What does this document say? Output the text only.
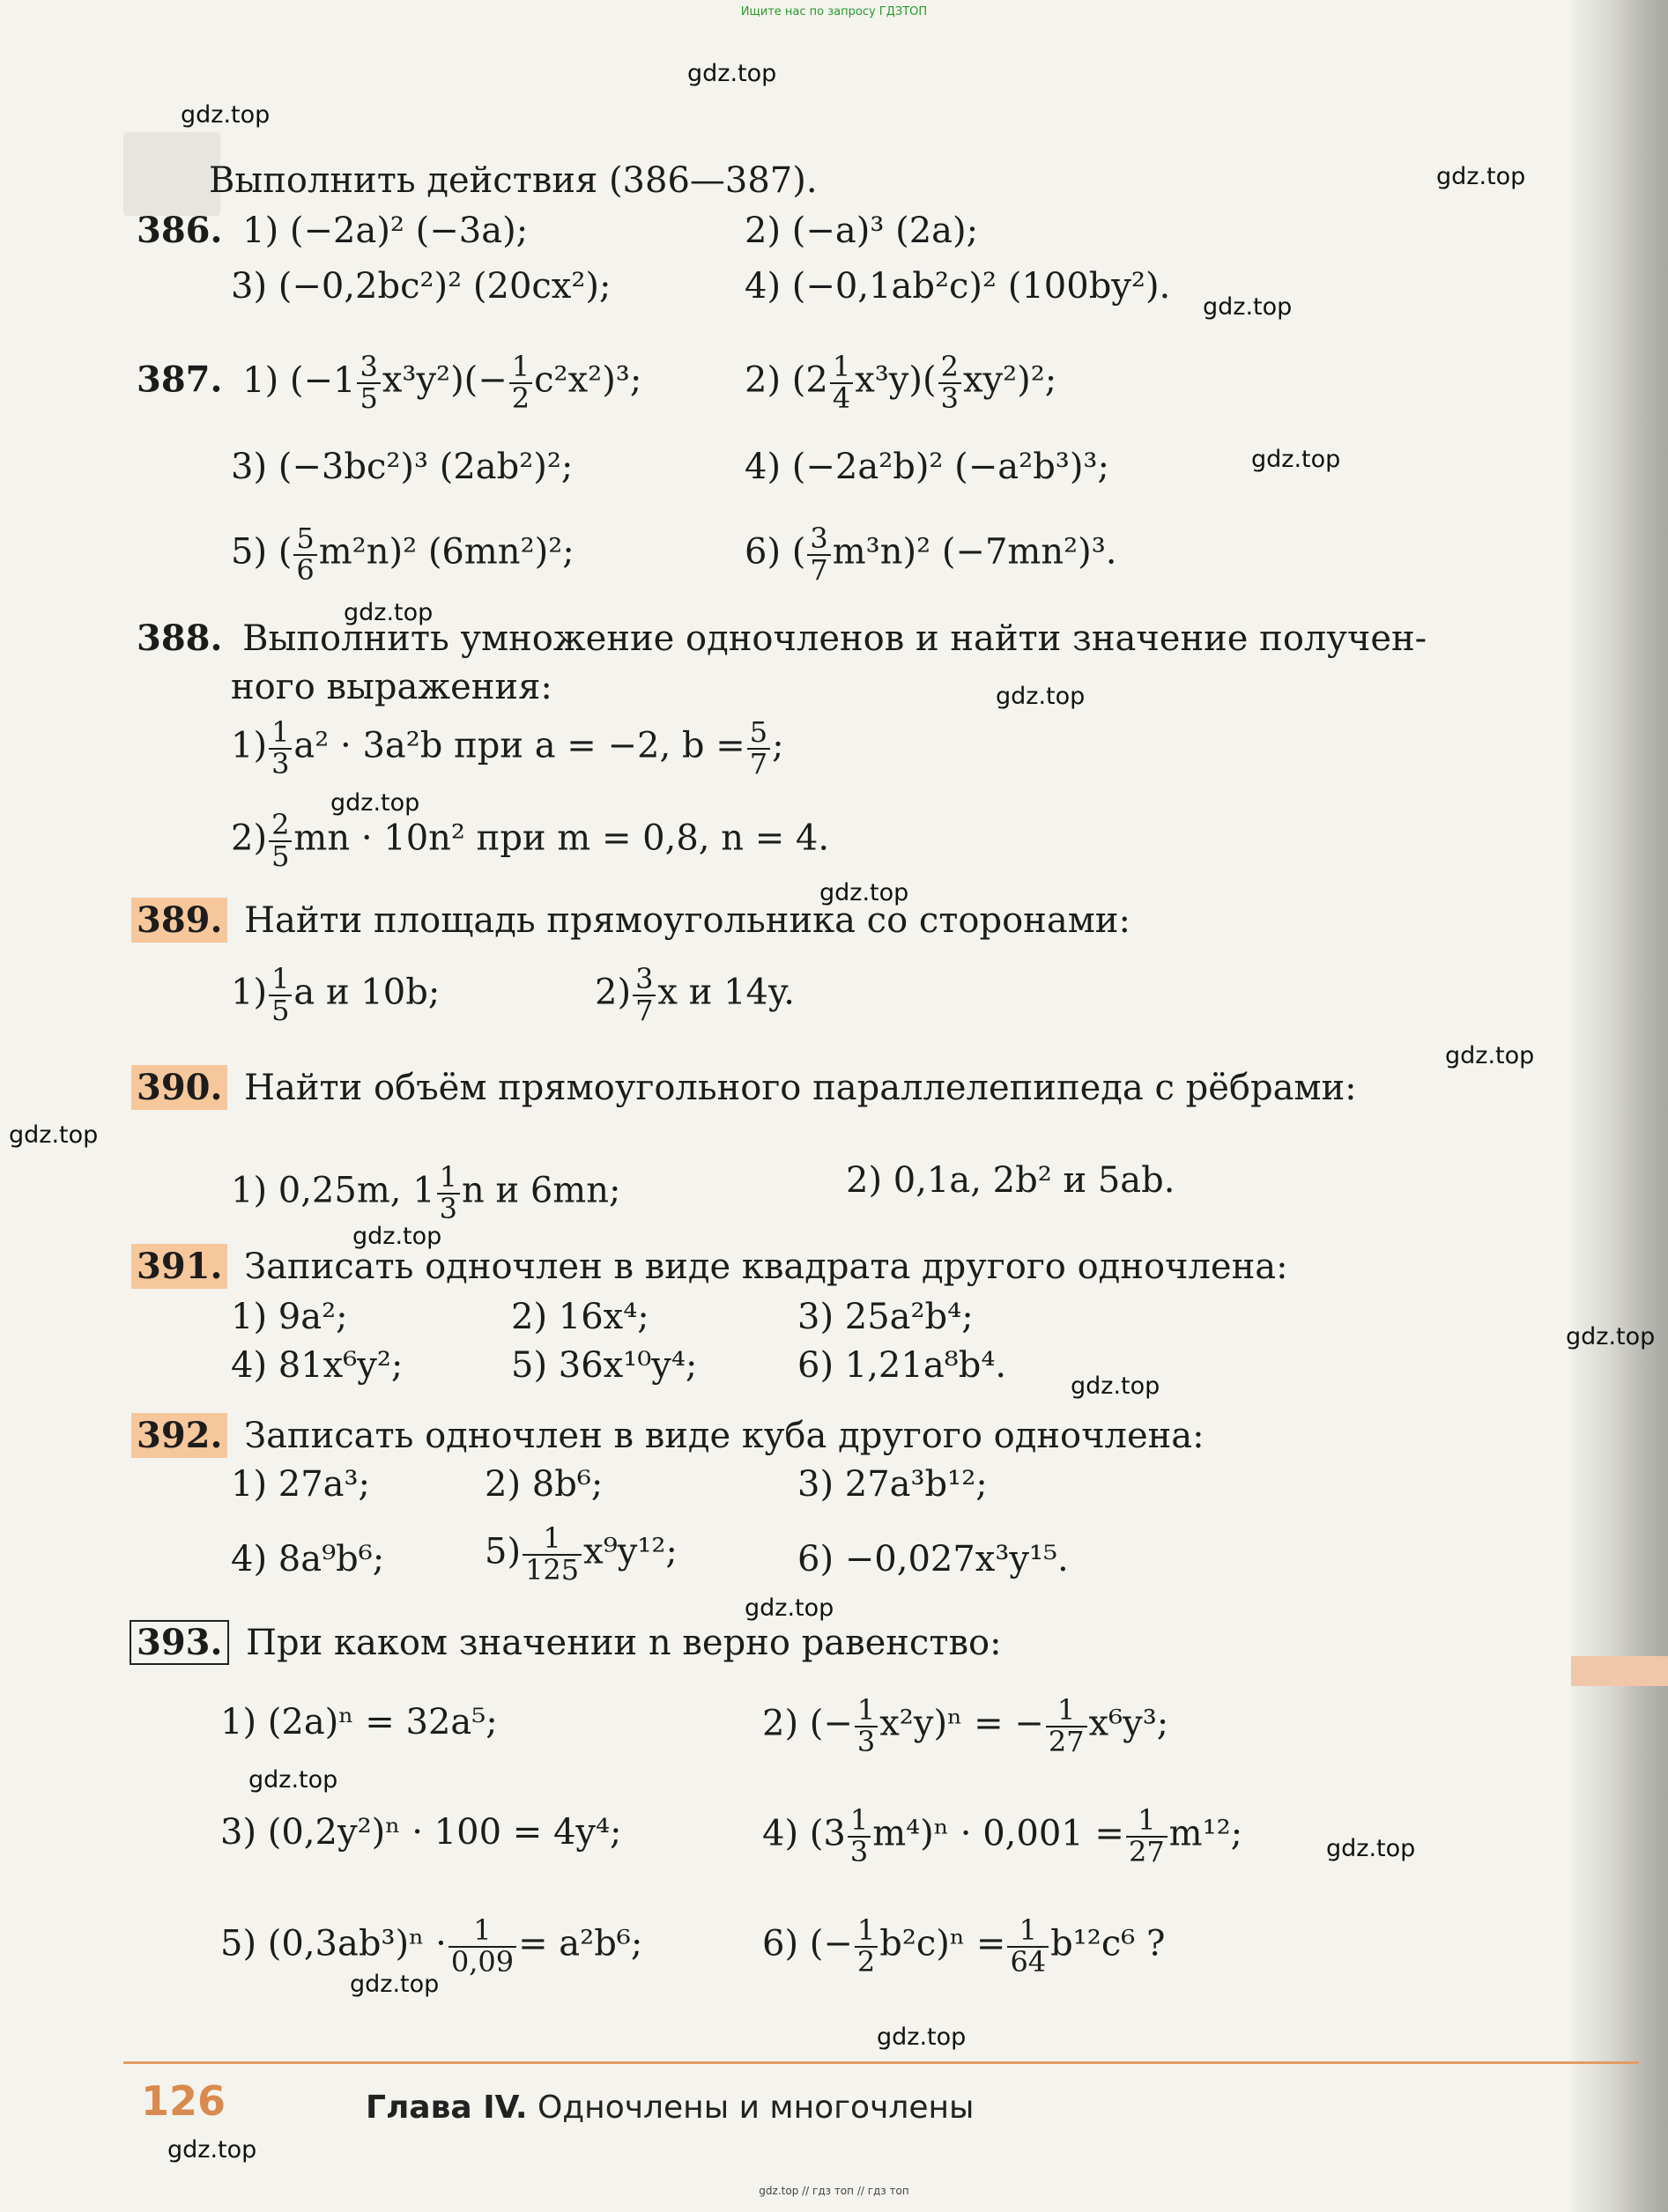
Ищите нас по запросу ГДЗТОП
gdz.top
gdz.top
gdz.top
gdz.top
gdz.top
gdz.top
gdz.top
gdz.top
gdz.top
gdz.top
gdz.top
gdz.top
gdz.top
gdz.top
gdz.top
gdz.top
gdz.top
gdz.top
gdz.top
gdz.top
Выполнить действия (386—387).
386. 1) (−2a)² (−3a);	2) (−a)³ (2a);
3) (−0,2bc²)² (20cx²);	4) (−0,1ab²c)² (100by²).
387. 1) $(-1 \frac{3}{5} x^3y^2)(- \frac{1}{2} c^2x^2)^3$;	2) $(2 \frac{1}{4} x^3y)( \frac{2}{3} xy^2)^2$;
3) (−3bc²)³ (2ab²)²;	4) (−2a²b)² (−a²b³)³;
5) ( $\frac{5}{6} m^2n)^2$ (6mn²)²;	6) ( $\frac{3}{7} m^3n)^2$ (−7mn²)³.
388. Выполнить умножение одночленов и найти значение получен-
ного выражения:
$1) \frac{1}{3} a^2 \cdot 3a^2b$ при a = −2, $b = \frac{5}{7}$ ;
$2) \frac{2}{5}$ mn · 10n² при m = 0,8, n = 4.
389. Найти площадь прямоугольника со сторонами:
$1) \frac{1}{5}$ a и 10b;	$2) \frac{3}{7}$ x и 14y.
390. Найти объём прямоугольного параллелепипеда с рёбрами:
1) 0,25m, $1 \frac{1}{3}$ n и 6mn;	2) 0,1a, 2b² и 5ab.
391. Записать одночлен в виде квадрата другого одночлена:
1) 9a²;	2) 16x⁴;	3) 25a²b⁴;
4) 81x⁶y²;	5) 36x¹⁰y⁴;	6) 1,21a⁸b⁴.
392. Записать одночлен в виде куба другого одночлена:
1) 27a³;	2) 8b⁶;	3) 27a³b¹²;
4) 8a⁹b⁶;	$5) \frac{1}{125} x^9y^{12}$;	6) −0,027x³y¹⁵.
393. При каком значении n верно равенство:
1) (2a)ⁿ = 32a⁵;	2) (− $\frac{1}{3} x^2y)^n$ = − $\frac{1}{27} x^6y^3$;
3) (0,2y²)ⁿ · 100 = 4y⁴;	4) $(3 \frac{1}{3} m^4)^n \cdot 0,001 = \frac{1}{27} m^{12}$;
5) $(0,3ab^3)^n \cdot \frac{1}{0,09} = a^2b^6$;	6) (− $\frac{1}{2} b^2c)^n = \frac{1}{64} b^{12}c^6$ ?
126	Глава IV. Одночлены и многочлены
gdz.top // гдз топ // гдз топ
